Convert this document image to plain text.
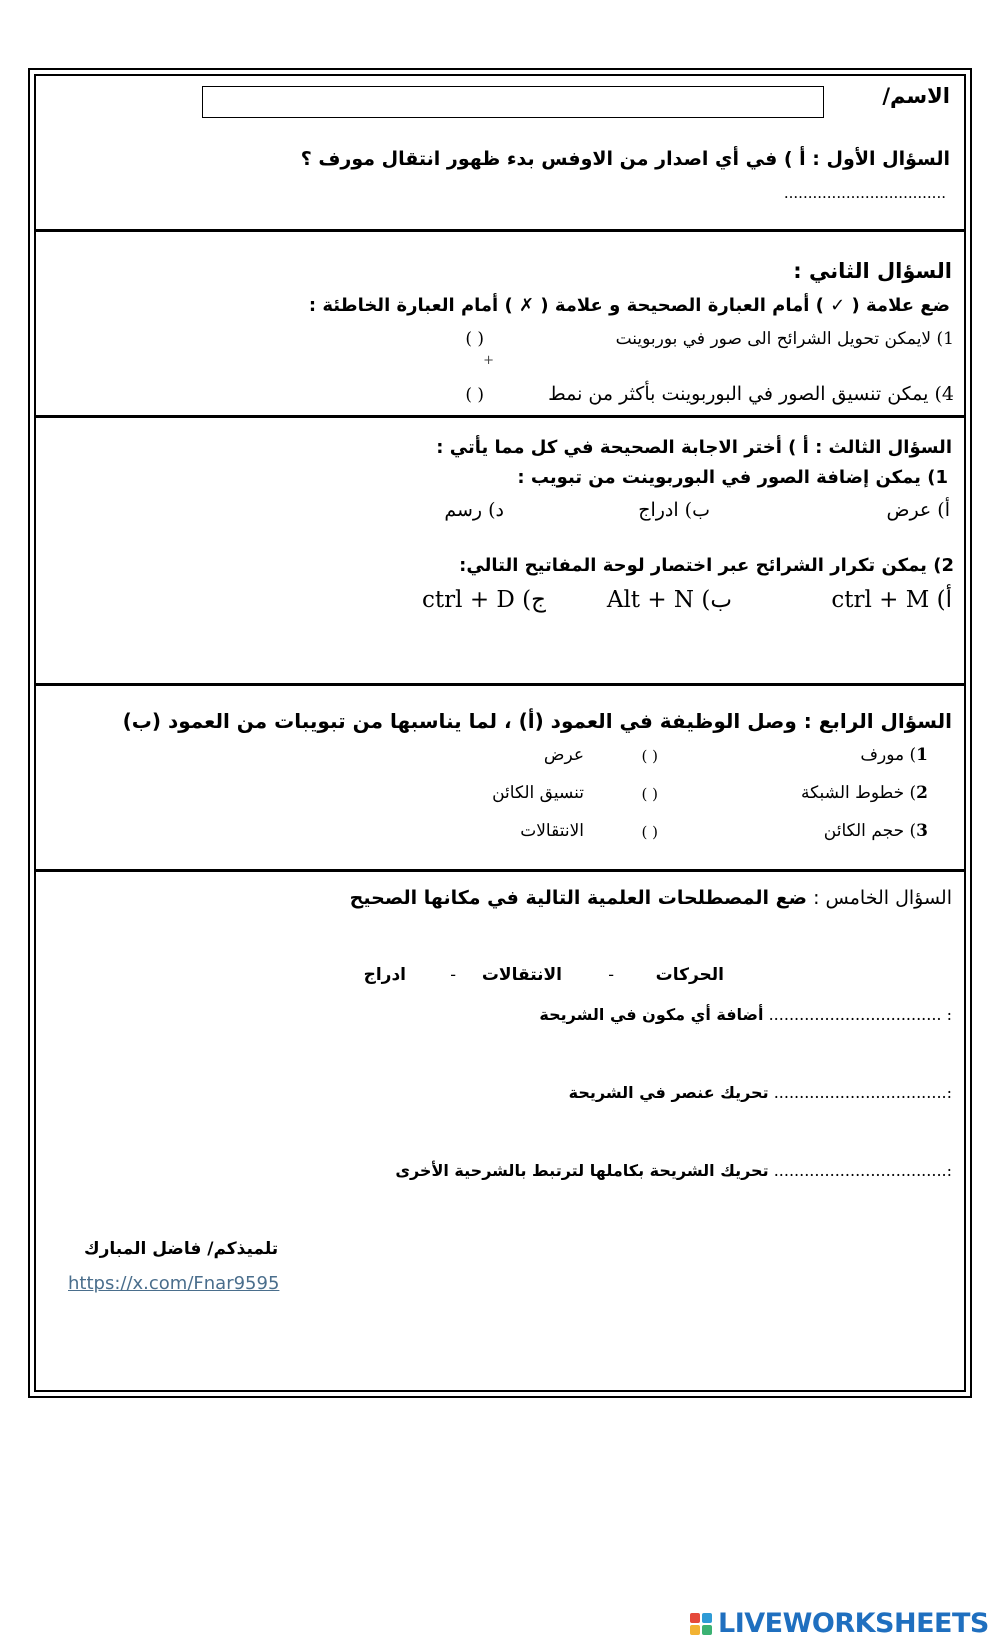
الاسم/
السؤال الأول : أ ) في أي اصدار من الاوفس بدء ظهور انتقال مورف ؟
..................................
السؤال الثاني :
ضع علامة ( ✓ ) أمام العبارة الصحيحة و علامة ( ✗ ) أمام العبارة الخاطئة :
1) لايمكن تحويل الشرائح الى صور في بوربوينت
( )
+
4) يمكن تنسيق الصور في البوربوينت بأكثر من نمط
( )
السؤال الثالث : أ ) أختر الاجابة الصحيحة في كل مما يأتي :
1) يمكن إضافة الصور في البوربوينت من تبويب :
أ) عرض
ب) ادراج
د) رسم
2) يمكن تكرار الشرائح عبر اختصار لوحة المفاتيح التالي:
أ) ctrl + M
ب) Alt + N
ج) ctrl + D
السؤال الرابع : وصل الوظيفة في العمود (أ) ، لما يناسبها من تبويبات من العمود (ب)
1) مورف
( )
عرض
2) خطوط الشبكة
( )
تنسيق الكائن
3) حجم الكائن
( )
الانتقالات
السؤال الخامس : ضع المصطلحات العلمية التالية في مكانها الصحيح
الحركات
-
الانتقالات
-
ادراج
: .................................. أضافة أي مكون في الشريحة
:.................................. تحريك عنصر في الشريحة
:.................................. تحريك الشريحة بكاملها لترتبط بالشرحية الأخرى
تلميذكم/ فاضل المبارك
https://x.com/Fnar9595
LIVEWORKSHEETS
